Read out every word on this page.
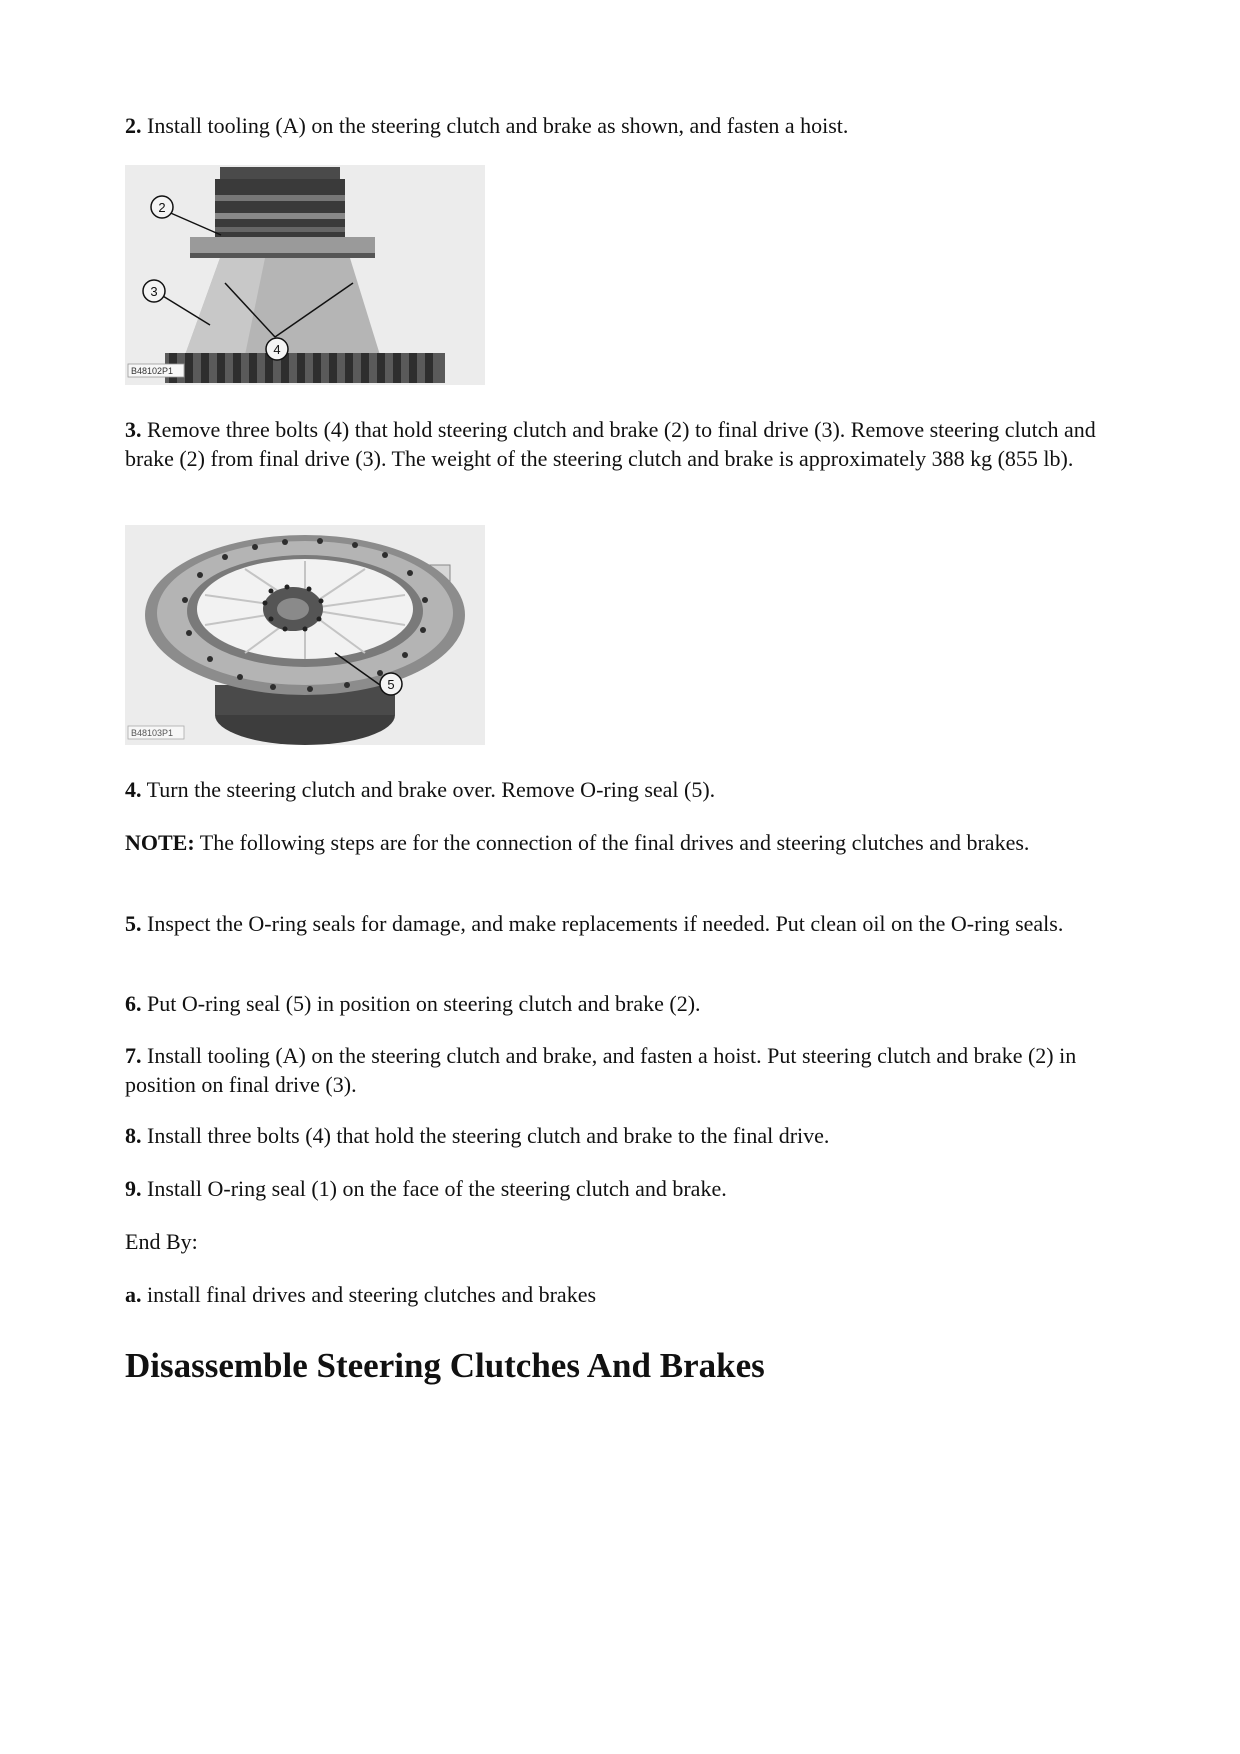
2. Install tooling (A) on the steering clutch and brake as shown, and fasten a hoist.

2
3
4
B48102P1

3. Remove three bolts (4) that hold steering clutch and brake (2) to final drive (3). Remove steering clutch and brake (2) from final drive (3). The weight of the steering clutch and brake is approximately 388 kg (855 lb).

5
B48103P1

4. Turn the steering clutch and brake over. Remove O-ring seal (5).

NOTE: The following steps are for the connection of the final drives and steering clutches and brakes.

5. Inspect the O-ring seals for damage, and make replacements if needed. Put clean oil on the O-ring seals.

6. Put O-ring seal (5) in position on steering clutch and brake (2).

7. Install tooling (A) on the steering clutch and brake, and fasten a hoist. Put steering clutch and brake (2) in position on final drive (3).

8. Install three bolts (4) that hold the steering clutch and brake to the final drive.

9. Install O-ring seal (1) on the face of the steering clutch and brake.

End By:

a. install final drives and steering clutches and brakes

Disassemble Steering Clutches And Brakes
